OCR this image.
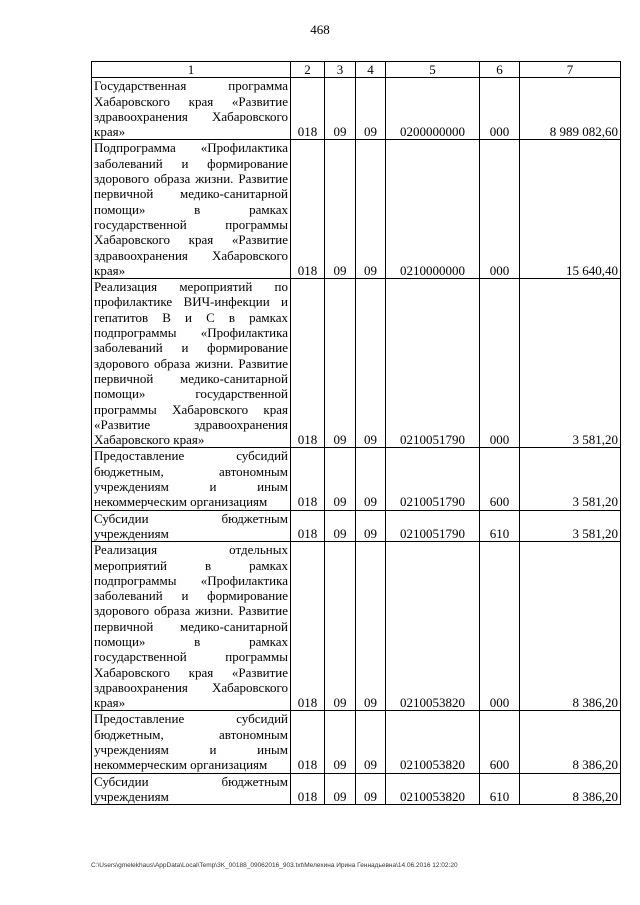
468
1	2	3	4	5	6	7
Государственная программа Хабаровского края «Развитие здравоохранения Хабаровского края»	018	09	09	0200000000	000	8 989 082,60
Подпрограмма «Профилактика заболеваний и формирование здорового образа жизни. Развитие первичной медико-санитарной помощи» в рамках государственной программы Хабаровского края «Развитие здравоохранения Хабаровского края»	018	09	09	0210000000	000	15 640,40
Реализация мероприятий по профилактике ВИЧ-инфекции и гепатитов B и C в рамках подпрограммы «Профилактика заболеваний и формирование здорового образа жизни. Развитие первичной медико-санитарной помощи» государственной программы Хабаровского края «Развитие здравоохранения Хабаровского края»	018	09	09	0210051790	000	3 581,20
Предоставление субсидий бюджетным, автономным учреждениям и иным некоммерческим организациям	018	09	09	0210051790	600	3 581,20
Субсидии бюджетным учреждениям	018	09	09	0210051790	610	3 581,20
Реализация отдельных мероприятий в рамках подпрограммы «Профилактика заболеваний и формирование здорового образа жизни. Развитие первичной медико-санитарной помощи» в рамках государственной программы Хабаровского края «Развитие здравоохранения Хабаровского края»	018	09	09	0210053820	000	8 386,20
Предоставление субсидий бюджетным, автономным учреждениям и иным некоммерческим организациям	018	09	09	0210053820	600	8 386,20
Субсидии бюджетным учреждениям	018	09	09	0210053820	610	8 386,20
C:\Users\gmelekhaus\AppData\Local\Temp\3K_00188_09062016_903.txt\Мелехина Ирина Геннадьевна\14.06.2016 12:02:20
